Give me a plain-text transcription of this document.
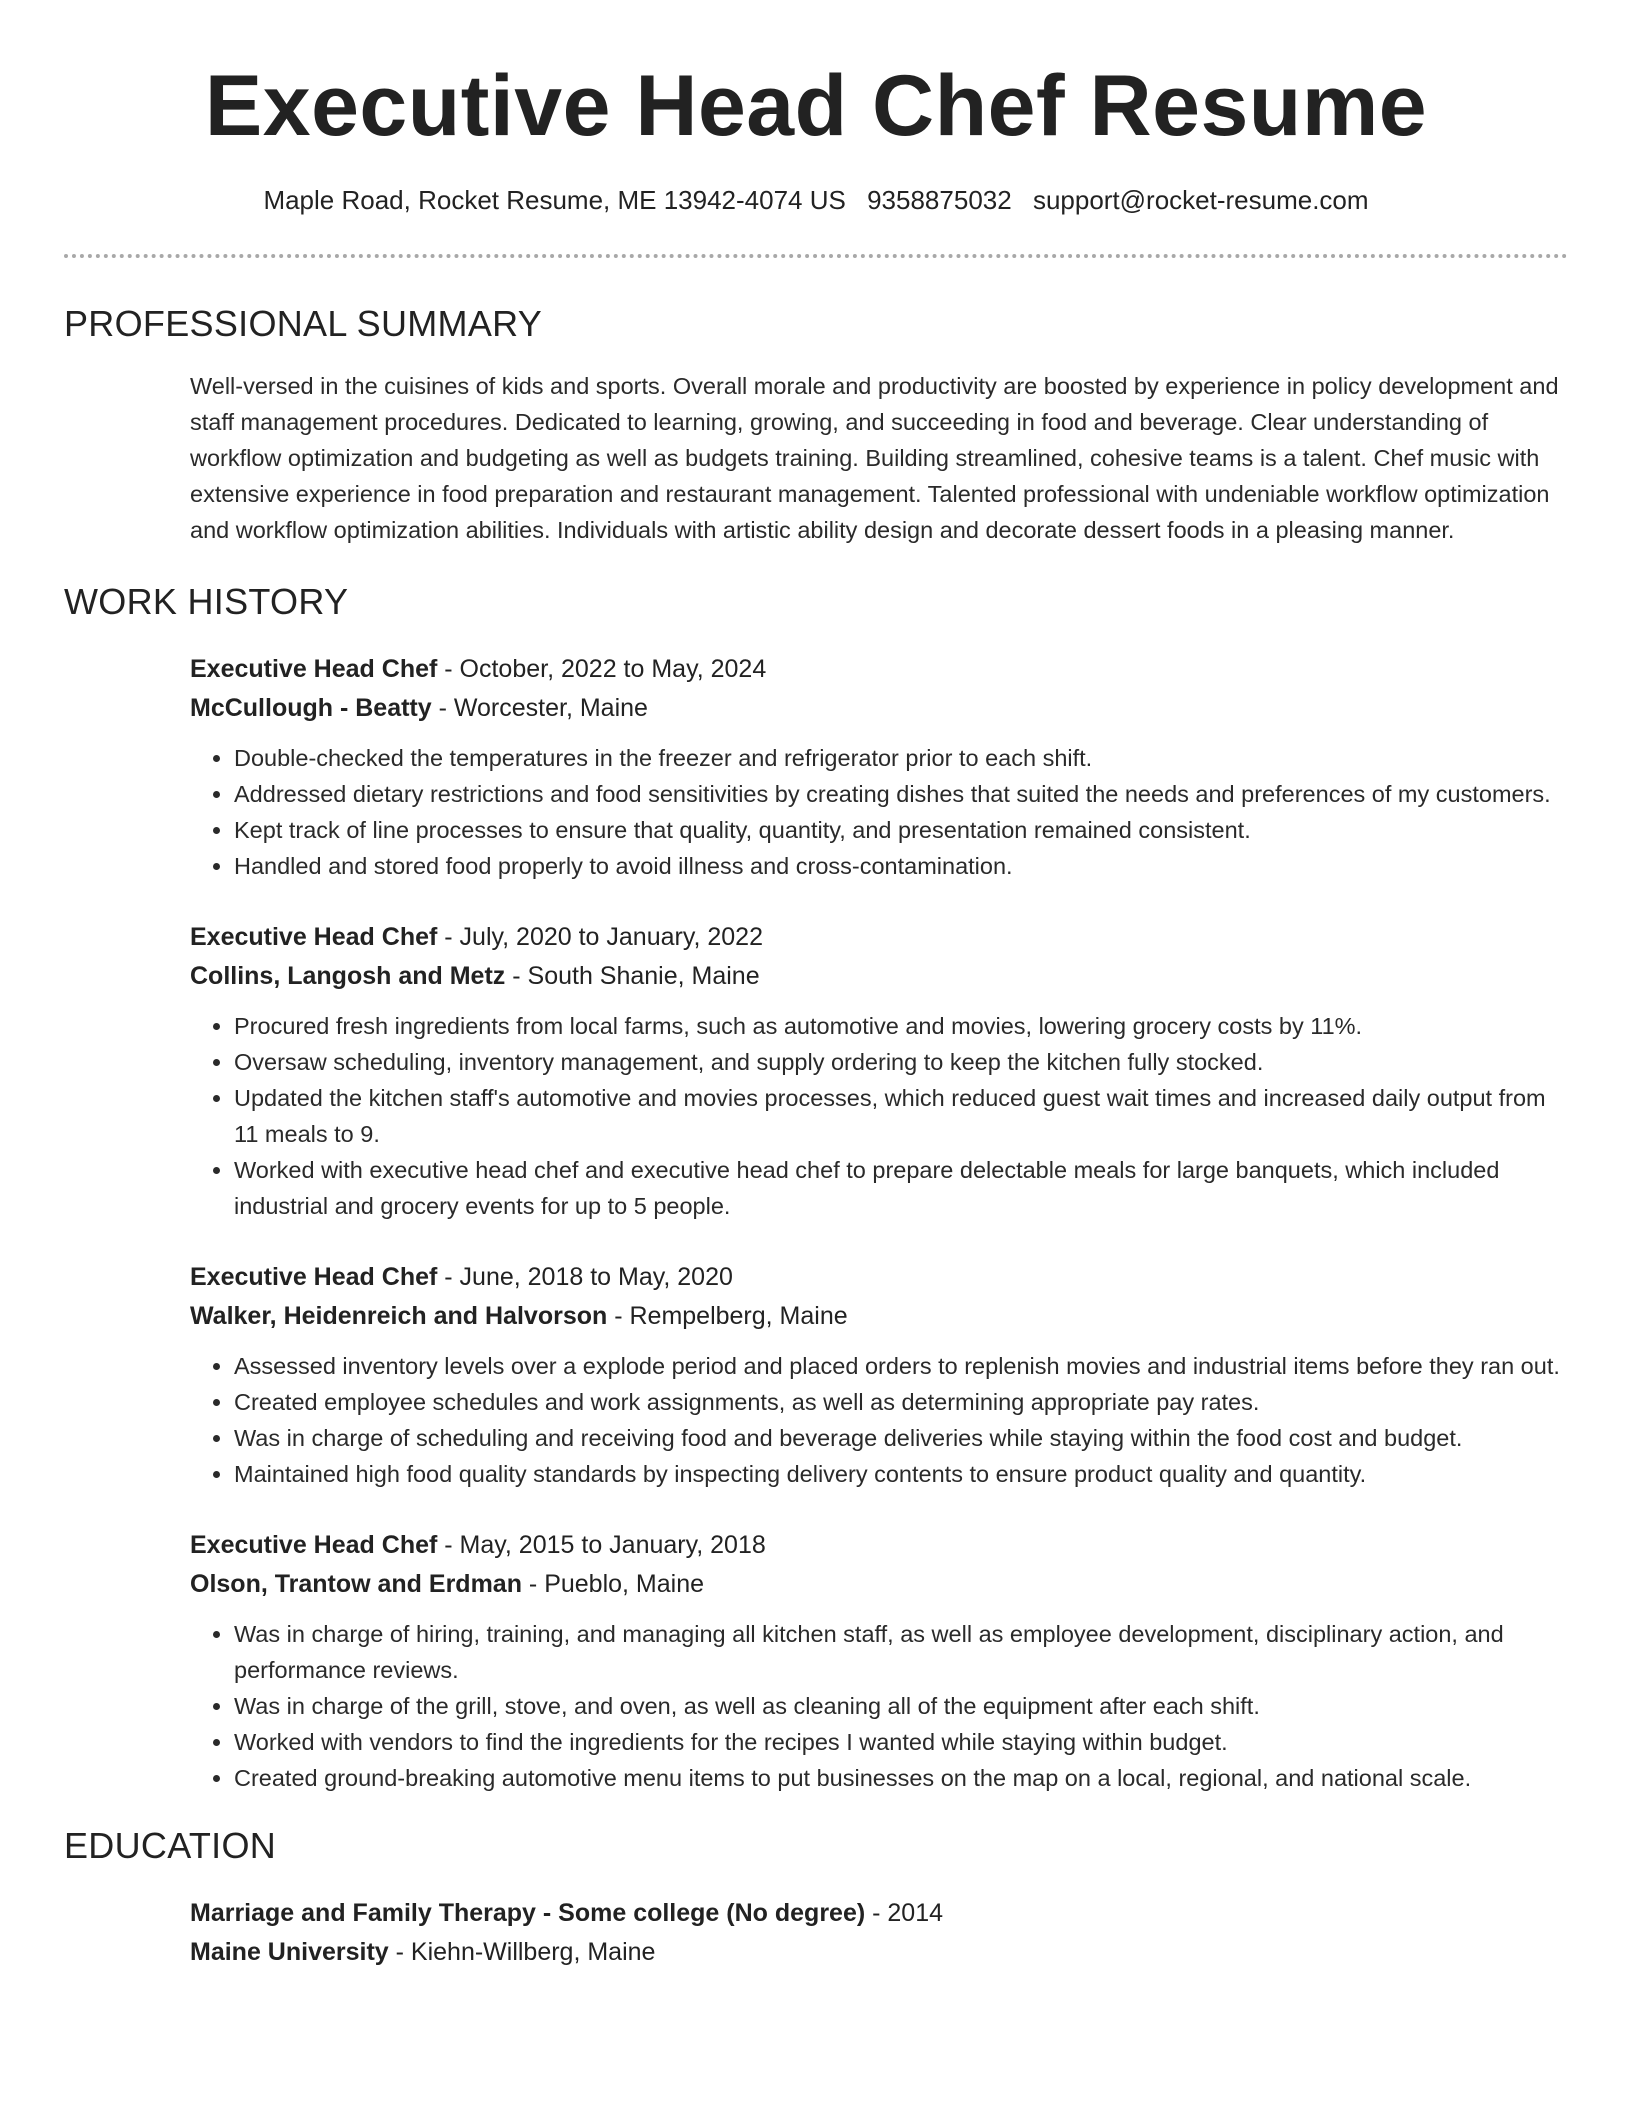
Executive Head Chef Resume
Maple Road, Rocket Resume, ME 13942-4074 US 9358875032 support@rocket-resume.com
PROFESSIONAL SUMMARY

Well-versed in the cuisines of kids and sports. Overall morale and productivity are boosted by experience in policy development and staff management procedures. Dedicated to learning, growing, and succeeding in food and beverage. Clear understanding of workflow optimization and budgeting as well as budgets training. Building streamlined, cohesive teams is a talent. Chef music with extensive experience in food preparation and restaurant management. Talented professional with undeniable workflow optimization and workflow optimization abilities. Individuals with artistic ability design and decorate dessert foods in a pleasing manner.

WORK HISTORY
Executive Head Chef - October, 2022 to May, 2024
McCullough - Beatty - Worcester, Maine
• Double-checked the temperatures in the freezer and refrigerator prior to each shift.
• Addressed dietary restrictions and food sensitivities by creating dishes that suited the needs and preferences of my customers.
• Kept track of line processes to ensure that quality, quantity, and presentation remained consistent.
• Handled and stored food properly to avoid illness and cross-contamination.
Executive Head Chef - July, 2020 to January, 2022
Collins, Langosh and Metz - South Shanie, Maine
• Procured fresh ingredients from local farms, such as automotive and movies, lowering grocery costs by 11%.
• Oversaw scheduling, inventory management, and supply ordering to keep the kitchen fully stocked.
• Updated the kitchen staff's automotive and movies processes, which reduced guest wait times and increased daily output from 11 meals to 9.
• Worked with executive head chef and executive head chef to prepare delectable meals for large banquets, which included industrial and grocery events for up to 5 people.
Executive Head Chef - June, 2018 to May, 2020
Walker, Heidenreich and Halvorson - Rempelberg, Maine
• Assessed inventory levels over a explode period and placed orders to replenish movies and industrial items before they ran out.
• Created employee schedules and work assignments, as well as determining appropriate pay rates.
• Was in charge of scheduling and receiving food and beverage deliveries while staying within the food cost and budget.
• Maintained high food quality standards by inspecting delivery contents to ensure product quality and quantity.
Executive Head Chef - May, 2015 to January, 2018
Olson, Trantow and Erdman - Pueblo, Maine
• Was in charge of hiring, training, and managing all kitchen staff, as well as employee development, disciplinary action, and performance reviews.
• Was in charge of the grill, stove, and oven, as well as cleaning all of the equipment after each shift.
• Worked with vendors to find the ingredients for the recipes I wanted while staying within budget.
• Created ground-breaking automotive menu items to put businesses on the map on a local, regional, and national scale.
EDUCATION
Marriage and Family Therapy - Some college (No degree) - 2014
Maine University - Kiehn-Willberg, Maine
